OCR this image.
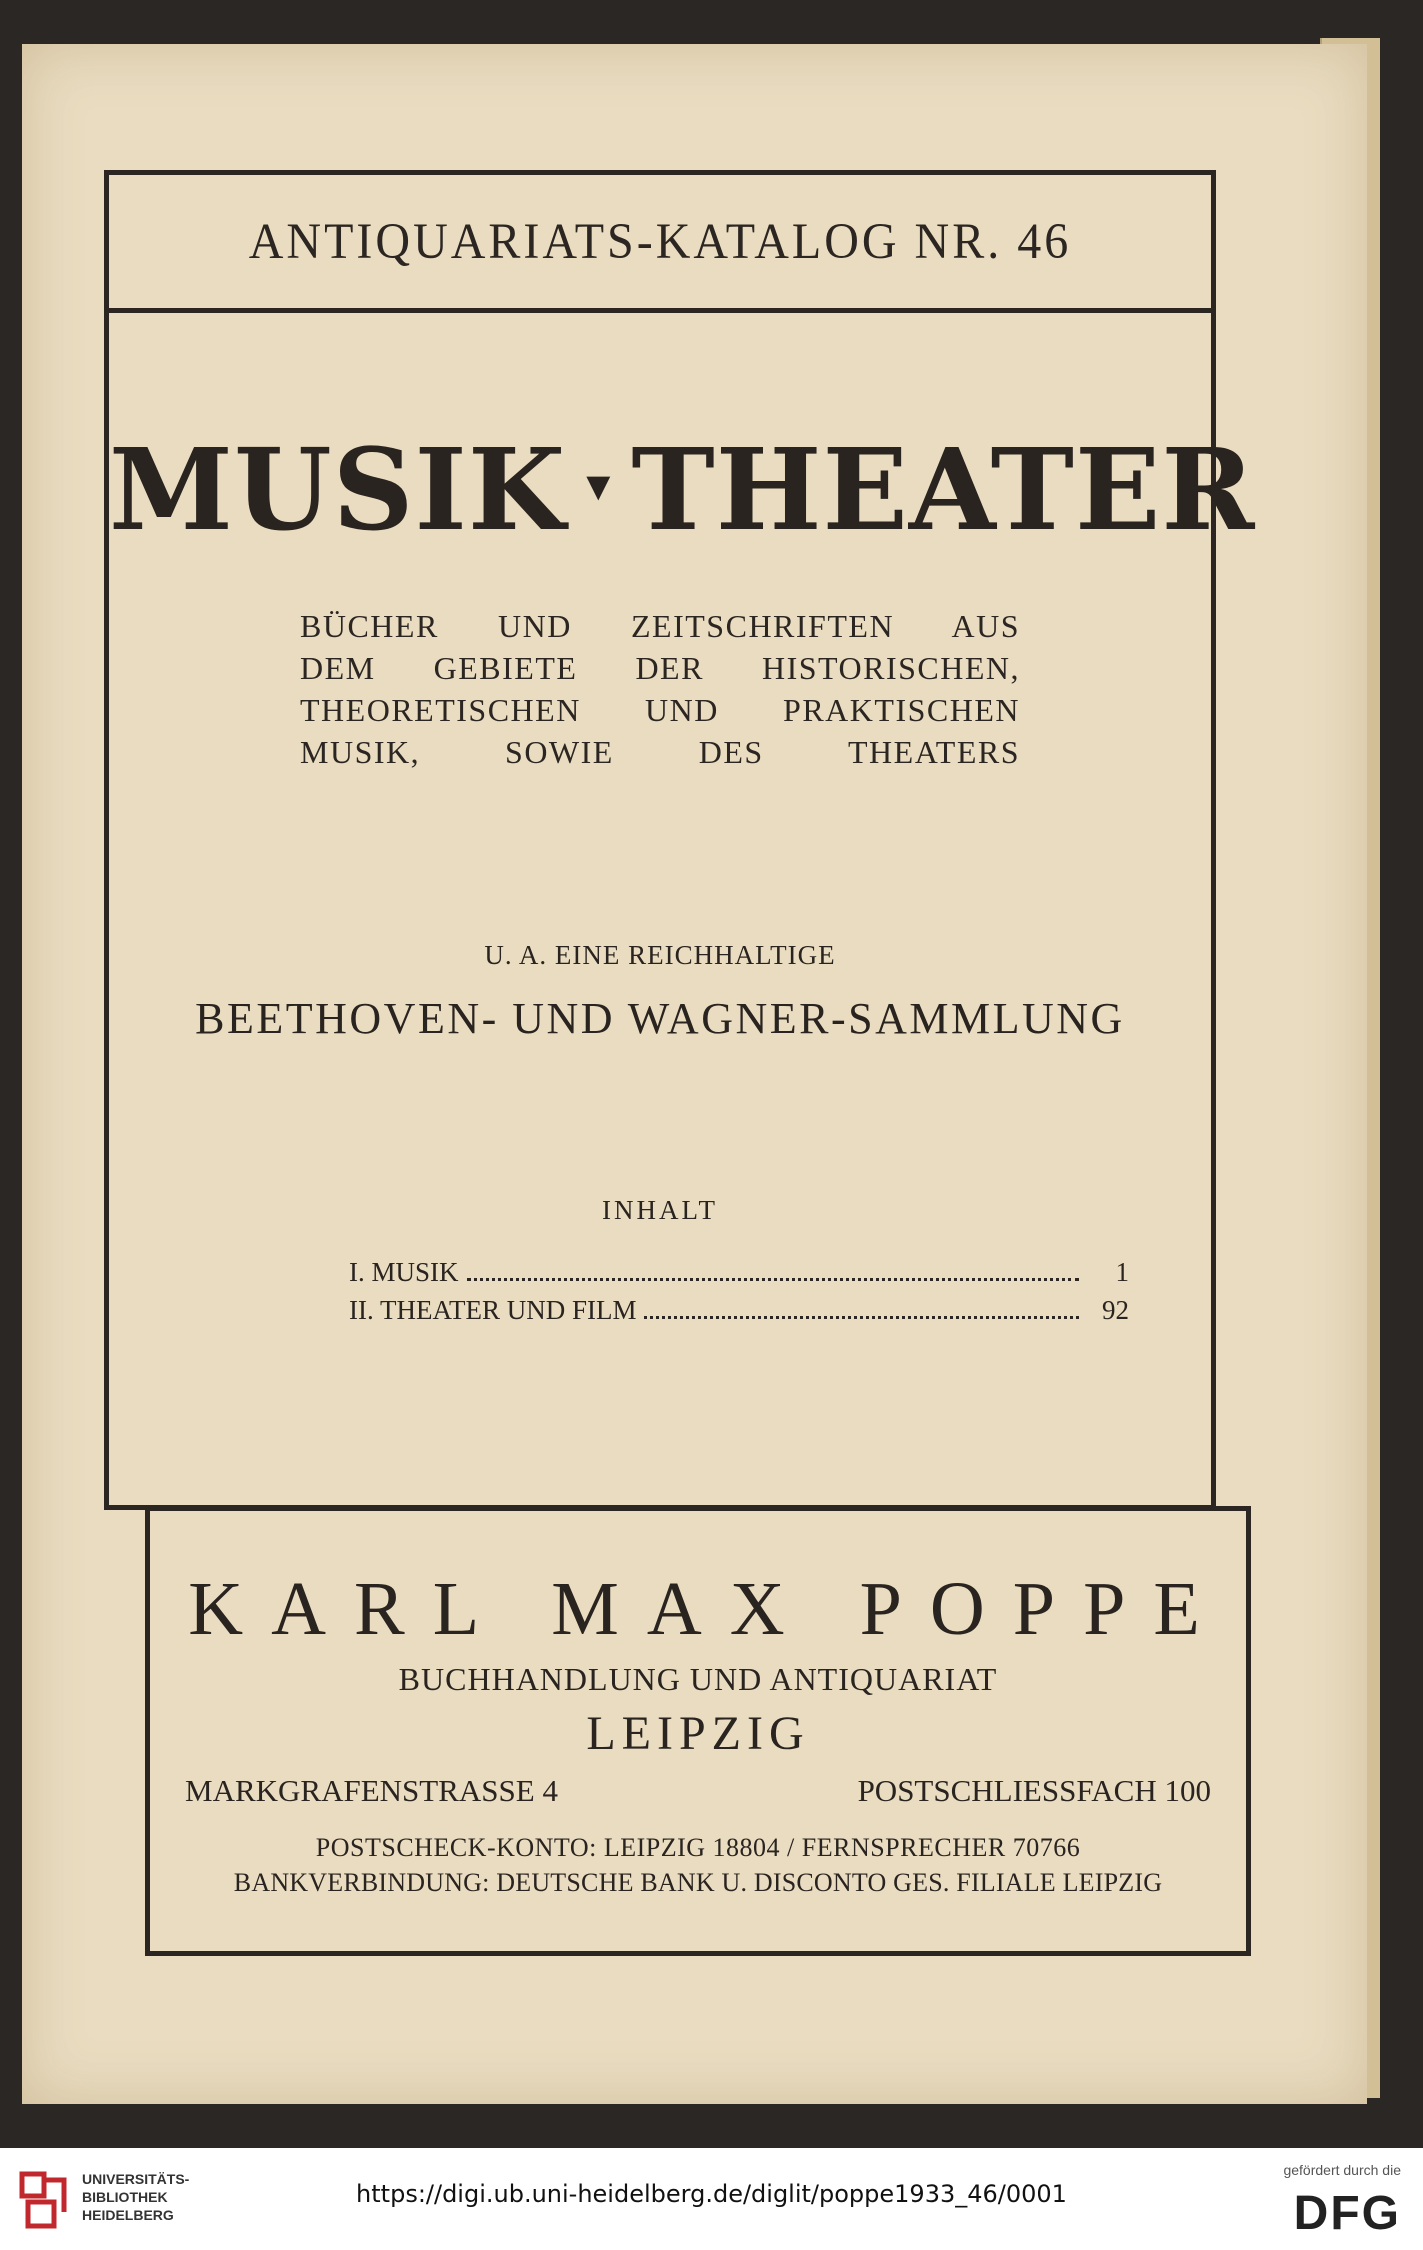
ANTIQUARIATS-KATALOG NR. 46
MUSIK ▾ THEATER
BÜCHER UND ZEITSCHRIFTEN AUS
DEM GEBIETE DER HISTORISCHEN,
THEORETISCHEN UND PRAKTISCHEN
MUSIK, SOWIE DES THEATERS
U. A. EINE REICHHALTIGE
BEETHOVEN- UND WAGNER-SAMMLUNG
INHALT
I. MUSIK	1
II. THEATER UND FILM	92
KARL MAX POPPE
BUCHHANDLUNG UND ANTIQUARIAT
LEIPZIG
MARKGRAFENSTRASSE 4	POSTSCHLIESSFACH 100
POSTSCHECK-KONTO: LEIPZIG 18804 / FERNSPRECHER 70766
BANKVERBINDUNG: DEUTSCHE BANK U. DISCONTO GES. FILIALE LEIPZIG
UNIVERSITÄTS-
BIBLIOTHEK
HEIDELBERG
https://digi.ub.uni-heidelberg.de/diglit/poppe1933_46/0001
gefördert durch die
DFG
